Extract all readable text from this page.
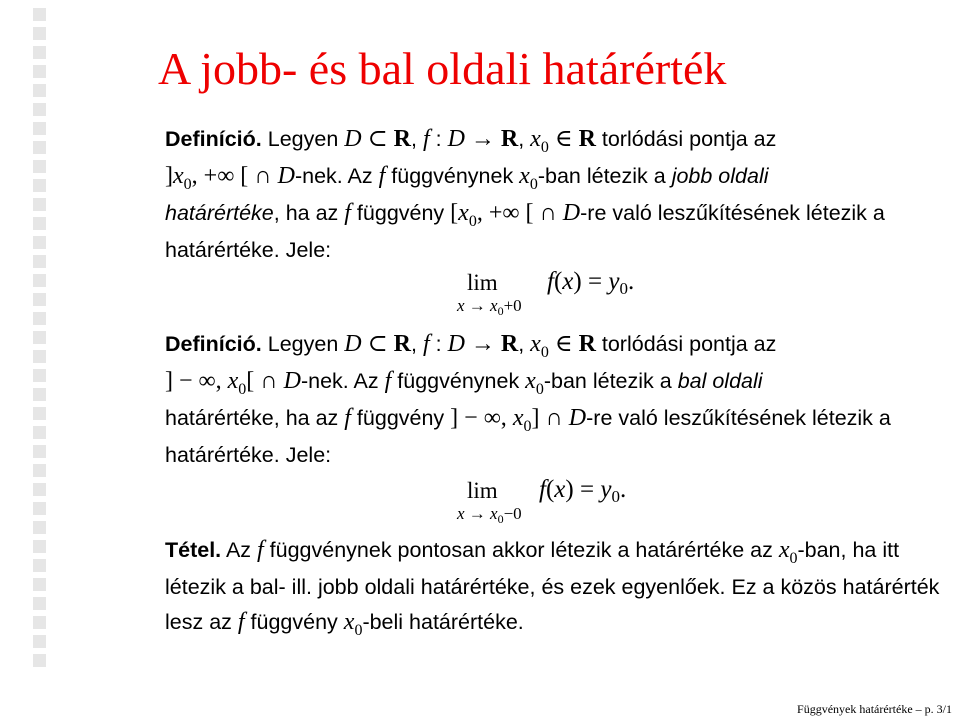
A jobb- és bal oldali határérték

Definíció. Legyen D ⊂ R, f : D → R, $x_0$ ∈ R torlódási pontja az
]$x_0$, +∞ [ ∩ D-nek. Az f függvénynek $x_0$-ban létezik a jobb oldali
határértéke, ha az f függvény [$x_0$, +∞ [ ∩ D-re való leszűkítésének létezik a határértéke. Jele:

lim
$x \to x_0+0$
$f(x) = y_0$.

Definíció. Legyen D ⊂ R, f : D → R, $x_0$ ∈ R torlódási pontja az
] − ∞, $x_0$[ ∩ D-nek. Az f függvénynek $x_0$-ban létezik a bal oldali
határértéke, ha az f függvény ] − ∞, $x_0$] ∩ D-re való leszűkítésének létezik a határértéke. Jele:

lim
$x \to x_0-0$
$f(x) = y_0$.

Tétel. Az f függvénynek pontosan akkor létezik a határértéke az $x_0$-ban, ha itt létezik a bal- ill. jobb oldali határértéke, és ezek egyenlőek. Ez a közös határérték lesz az f függvény $x_0$-beli határértéke.

Függvények határértéke – p. 3/1
